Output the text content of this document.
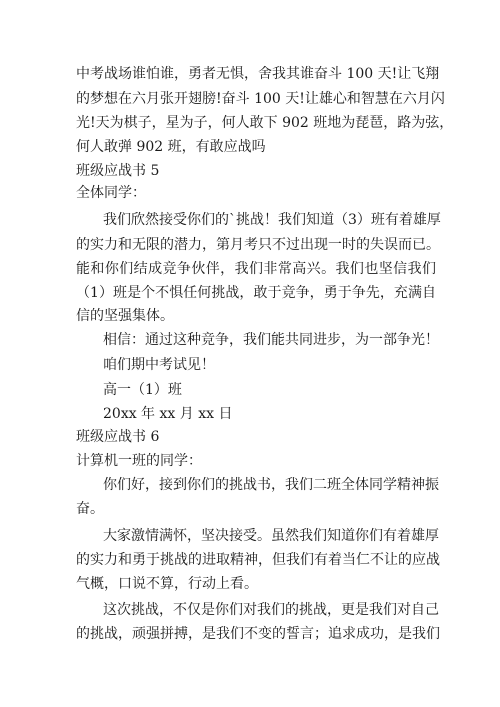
中考战场谁怕谁，勇者无惧，舍我其谁奋斗 100 天!让飞翔
的梦想在六月张开翅膀!奋斗 100 天!让雄心和智慧在六月闪
光!天为棋子，星为子，何人敢下 902 班地为琵琶，路为弦，
何人敢弹 902 班，有敢应战吗
班级应战书 5
全体同学：
我们欣然接受你们的`挑战！我们知道（3）班有着雄厚
的实力和无限的潜力，第月考只不过出现一时的失误而已。
能和你们结成竞争伙伴，我们非常高兴。我们也坚信我们
（1）班是个不惧任何挑战，敢于竞争，勇于争先，充满自
信的坚强集体。
相信：通过这种竞争，我们能共同进步，为一部争光！
咱们期中考试见！
高一（1）班
20xx 年 xx 月 xx 日
班级应战书 6
计算机一班的同学：
你们好，接到你们的挑战书，我们二班全体同学精神振
奋。
大家激情满怀，坚决接受。虽然我们知道你们有着雄厚
的实力和勇于挑战的进取精神，但我们有着当仁不让的应战
气概，口说不算，行动上看。
这次挑战，不仅是你们对我们的挑战，更是我们对自己
的挑战，顽强拼搏，是我们不变的誓言；追求成功，是我们
